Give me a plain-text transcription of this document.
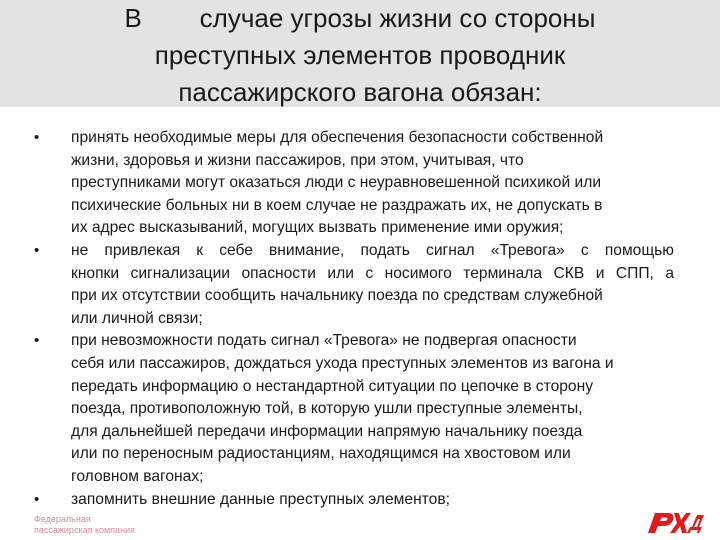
В        случае угрозы жизни со стороны
преступных элементов проводник
пассажирского вагона обязан:
• принять необходимые меры для обеспечения безопасности собственной
жизни, здоровья и жизни пассажиров, при этом, учитывая, что
преступниками могут оказаться люди с неуравновешенной психикой или
психические больных ни в коем случае не раздражать их, не допускать в
их адрес высказываний, могущих вызвать применение ими оружия;
• не привлекая к себе внимание, подать сигнал «Тревога» с помощью
кнопки сигнализации опасности или с носимого терминала СКВ и СПП, а
при их отсутствии сообщить начальнику поезда по средствам служебной
или личной связи;
• при невозможности подать сигнал «Тревога» не подвергая опасности
себя или пассажиров, дождаться ухода преступных элементов из вагона и
передать информацию о нестандартной ситуации по цепочке в сторону
поезда, противоположную той, в которую ушли преступные элементы,
для дальнейшей передачи информации напрямую начальнику поезда
или по переносным радиостанциям, находящимся на хвостовом или
головном вагонах;
• запомнить внешние данные преступных элементов;
Федеральная
пассажирская компания
